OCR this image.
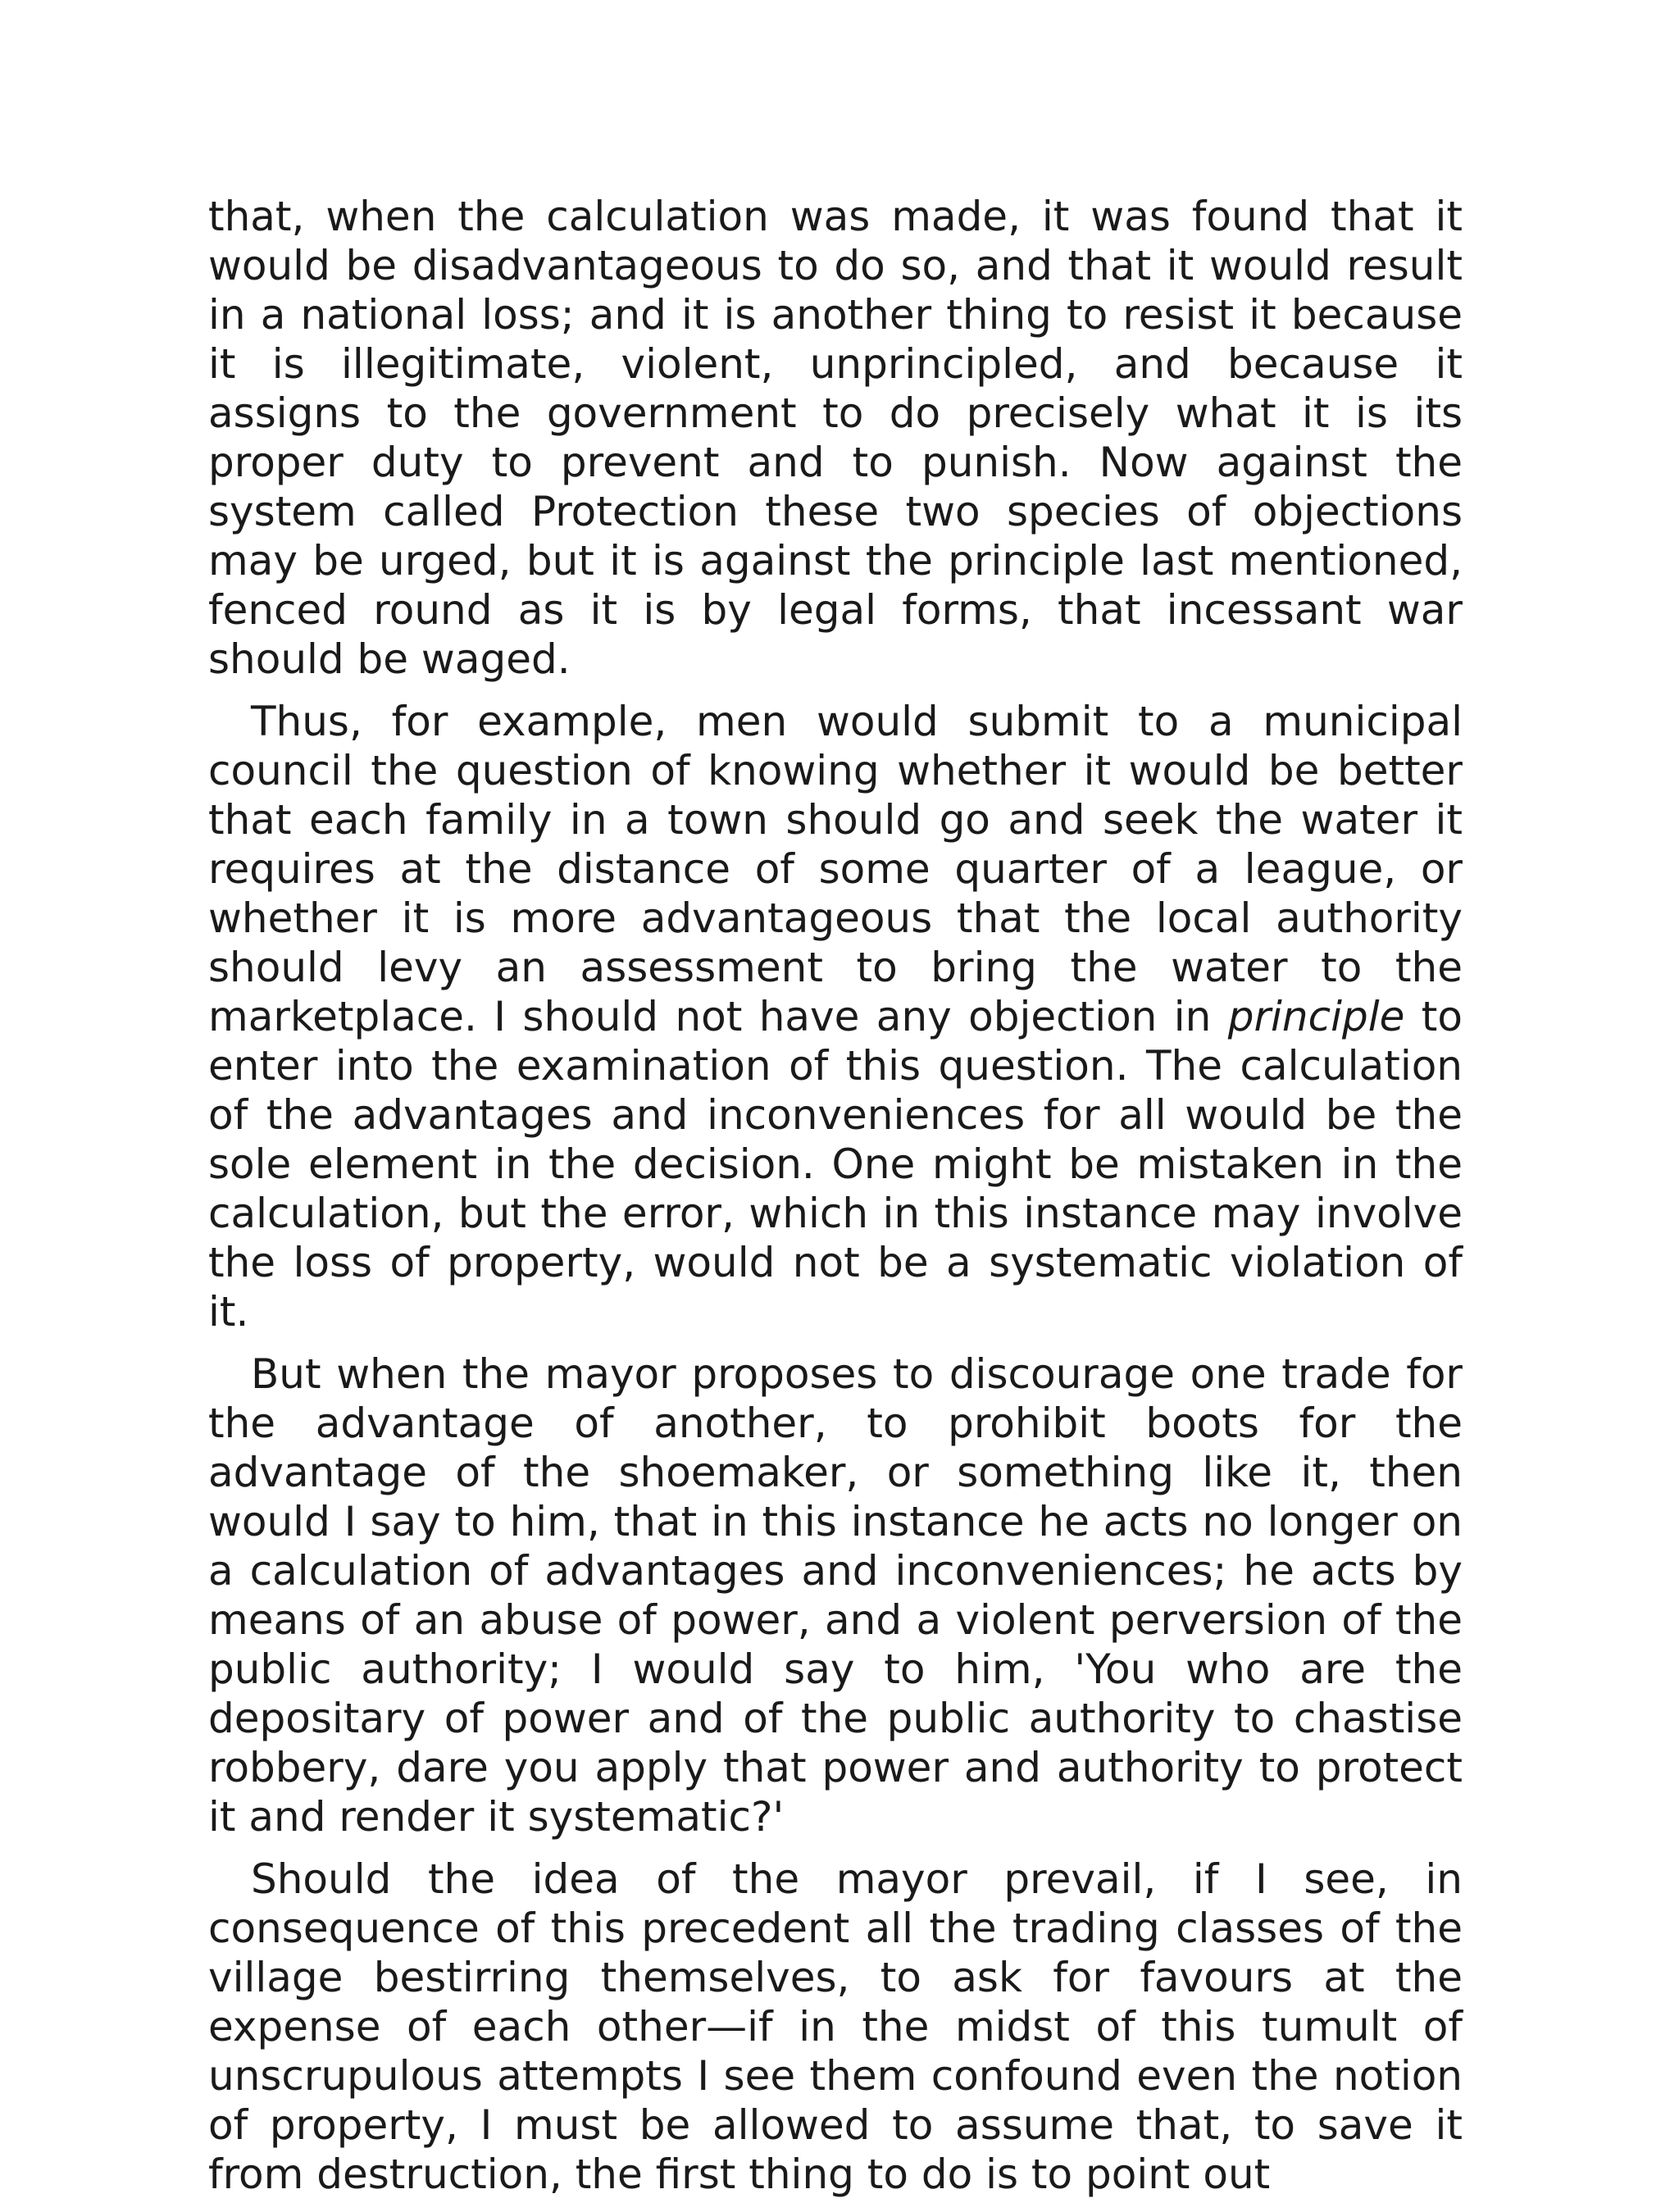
that, when the calculation was made, it was found that it would be disadvantageous to do so, and that it would result in a national loss; and it is another thing to resist it because it is illegitimate, violent, unprincipled, and because it assigns to the government to do precisely what it is its proper duty to prevent and to punish. Now against the system called Protection these two species of objections may be urged, but it is against the principle last mentioned, fenced round as it is by legal forms, that incessant war should be waged.

Thus, for example, men would submit to a municipal council the question of knowing whether it would be better that each family in a town should go and seek the water it requires at the distance of some quarter of a league, or whether it is more advantageous that the local authority should levy an assessment to bring the water to the marketplace. I should not have any objection in principle to enter into the examination of this question. The calculation of the advantages and inconveniences for all would be the sole element in the decision. One might be mistaken in the calculation, but the error, which in this instance may involve the loss of property, would not be a systematic violation of it.

But when the mayor proposes to discourage one trade for the advantage of another, to prohibit boots for the advantage of the shoemaker, or something like it, then would I say to him, that in this instance he acts no longer on a calculation of advantages and inconveniences; he acts by means of an abuse of power, and a violent perversion of the public authority; I would say to him, 'You who are the depositary of power and of the public authority to chastise robbery, dare you apply that power and authority to protect it and render it systematic?'

Should the idea of the mayor prevail, if I see, in consequence of this precedent all the trading classes of the village bestirring themselves, to ask for favours at the expense of each other—if in the midst of this tumult of unscrupulous attempts I see them confound even the notion of property, I must be allowed to assume that, to save it from destruction, the first thing to do is to point out
